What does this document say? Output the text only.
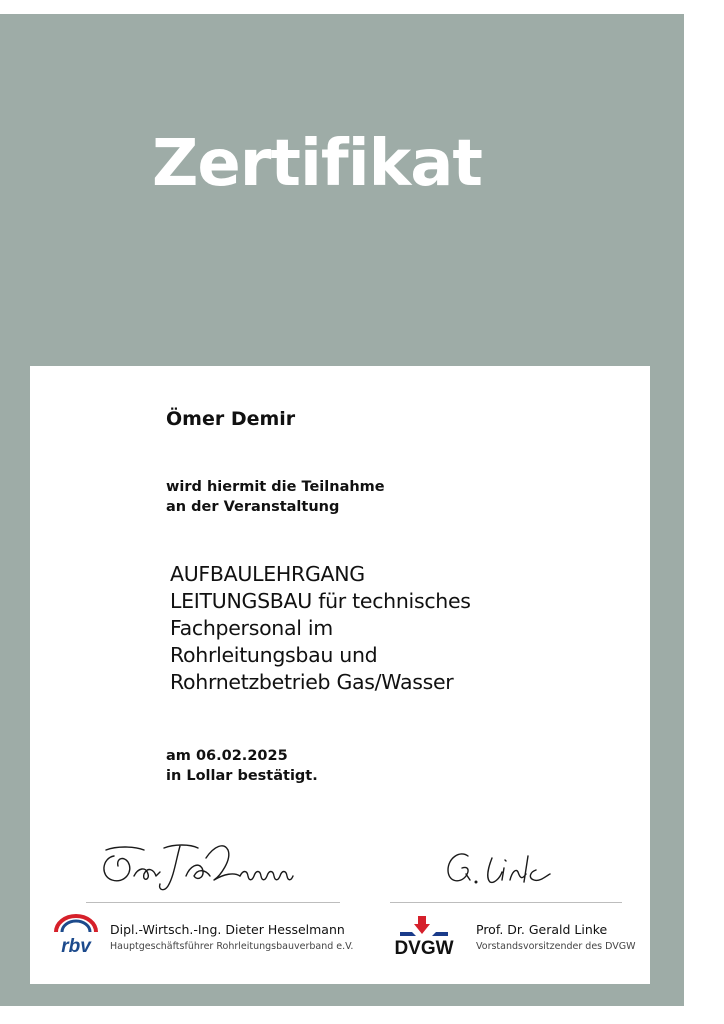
Zertifikat
Ömer Demir
wird hiermit die Teilnahme
an der Veranstaltung
AUFBAULEHRGANG
LEITUNGSBAU für technisches
Fachpersonal im
Rohrleitungsbau und
Rohrnetzbetrieb Gas/Wasser
am 06.02.2025
in Lollar bestätigt.
rbv
Dipl.-Wirtsch.-Ing. Dieter Hesselmann
Hauptgeschäftsführer Rohrleitungsbauverband e.V. DVGW
Prof. Dr. Gerald Linke
Vorstandsvorsitzender des DVGW
